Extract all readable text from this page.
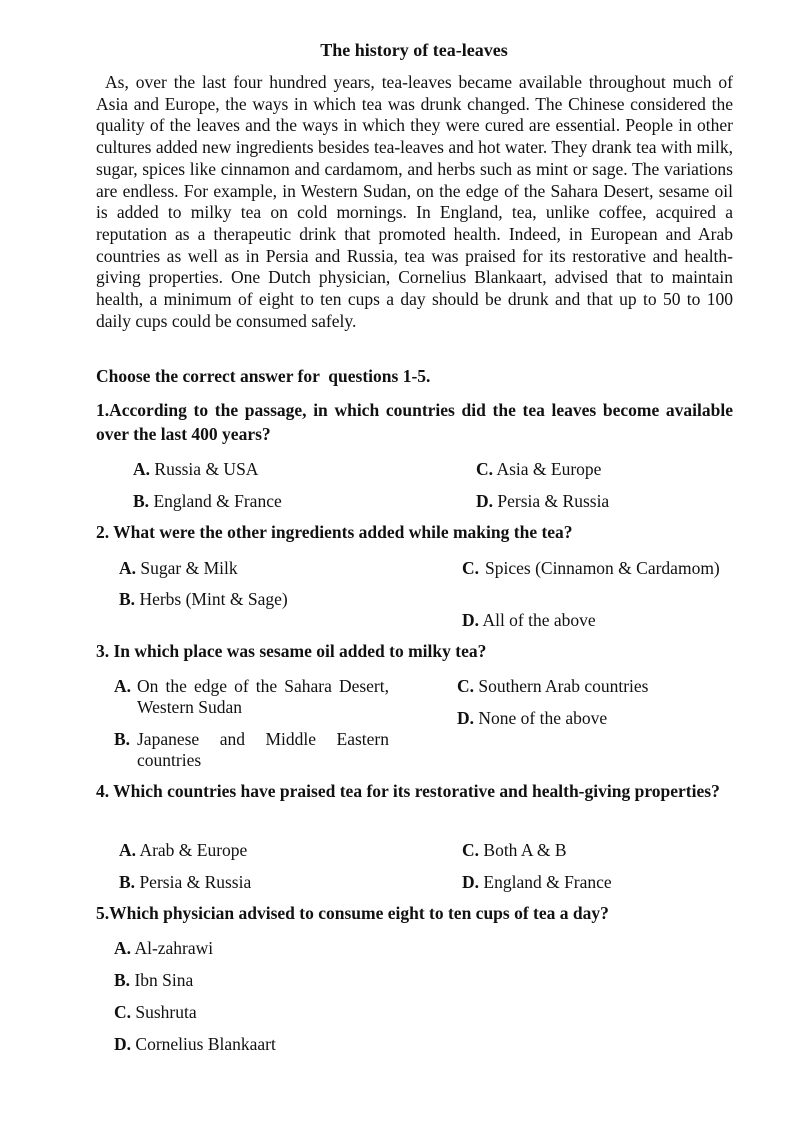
The history of tea-leaves

As, over the last four hundred years, tea-leaves became available throughout much of Asia and Europe, the ways in which tea was drunk changed. The Chinese considered the quality of the leaves and the ways in which they were cured are essential. People in other cultures added new ingredients besides tea-leaves and hot water. They drank tea with milk, sugar, spices like cinnamon and cardamom, and herbs such as mint or sage. The variations are endless. For example, in Western Sudan, on the edge of the Sahara Desert, sesame oil is added to milky tea on cold mornings. In England, tea, unlike coffee, acquired a reputation as a therapeutic drink that promoted health. Indeed, in European and Arab countries as well as in Persia and Russia, tea was praised for its restorative and health-giving properties. One Dutch physician, Cornelius Blankaart, advised that to maintain health, a minimum of eight to ten cups a day should be drunk and that up to 50 to 100 daily cups could be consumed safely.

Choose the correct answer for  questions 1-5.

1.According to the passage, in which countries did the tea leaves become available over the last 400 years?

A. Russia & USA
B. England & France
C. Asia & Europe
D. Persia & Russia

2. What were the other ingredients added while making the tea?

A. Sugar & Milk
B. Herbs (Mint & Sage)
C. Spices (Cinnamon & Cardamom)
D. All of the above

3. In which place was sesame oil added to milky tea?

A. On the edge of the Sahara Desert, Western Sudan
B. Japanese and Middle Eastern countries
C. Southern Arab countries
D. None of the above

4. Which countries have praised tea for its restorative and health-giving properties?

A. Arab & Europe
B. Persia & Russia
C. Both A & B
D. England & France

5.Which physician advised to consume eight to ten cups of tea a day?

A. Al-zahrawi
B. Ibn Sina
C. Sushruta
D. Cornelius Blankaart
